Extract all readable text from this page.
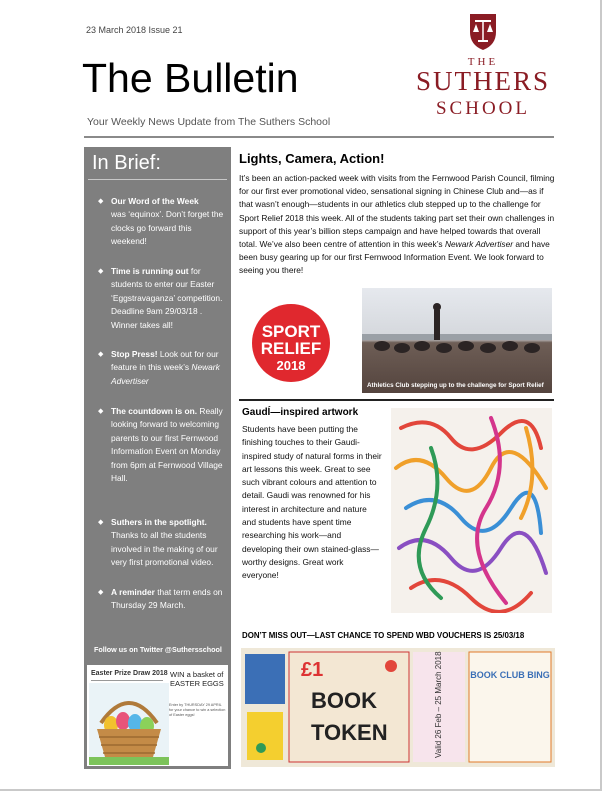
23 March 2018 Issue 21
The Bulletin
Your Weekly News Update from The Suthers School
THE
SUTHERS
SCHOOL
In Brief:
◆ Our Word of the Week
was ‘equinox’. Don’t forget the clocks go forward this weekend!
◆ Time is running out for students to enter our Easter ‘Eggstravaganza’ competition. Deadline 9am 29/03/18 . Winner takes all!
◆ Stop Press! Look out for our feature in this week’s Newark Advertiser
◆ The countdown is on. Really looking forward to welcoming parents to our first Fernwood Information Event on Monday from 6pm at Fernwood Village Hall.
◆ Suthers in the spotlight. Thanks to all the students involved in the making of our very first promotional video.
◆ A reminder that term ends on Thursday 29 March.
Follow us on Twitter @Suthersschool
Easter Prize Draw 2018 WIN a basket of
EASTER EGGS
Enter by THURSDAY 29 APRIL for your chance to win a selection of Easter eggs!
Lights, Camera, Action!
It’s been an action-packed week with visits from the Fernwood Parish Council, filming for our first ever promotional video, sensational signing in Chinese Club and—as if that wasn’t enough—students in our athletics club stepped up to the challenge for Sport Relief 2018 this week. All of the students taking part set their own challenges in support of this year’s billion steps campaign and have helped towards that overall total. We’ve also been centre of attention in this week’s Newark Advertiser and have been busy gearing up for our first Fernwood Information Event. We look forward to seeing you there!
SPORT
RELIEF
2018
Athletics Club stepping up to the challenge for Sport Relief
GaudÍ—inspired artwork
Students have been putting the finishing touches to their Gaudi-inspired study of natural forms in their art lessons this week. Great to see such vibrant colours and attention to detail. Gaudi was renowned for his interest in architecture and nature and students have spent time researching his work—and developing their own stained-glass—worthy designs. Great work everyone!
DON’T MISS OUT—LAST CHANCE TO SPEND WBD VOUCHERS IS 25/03/18
£1
BOOK
TOKEN
BOOK CLUB BING
Valid 26 Feb – 25 March 2018
